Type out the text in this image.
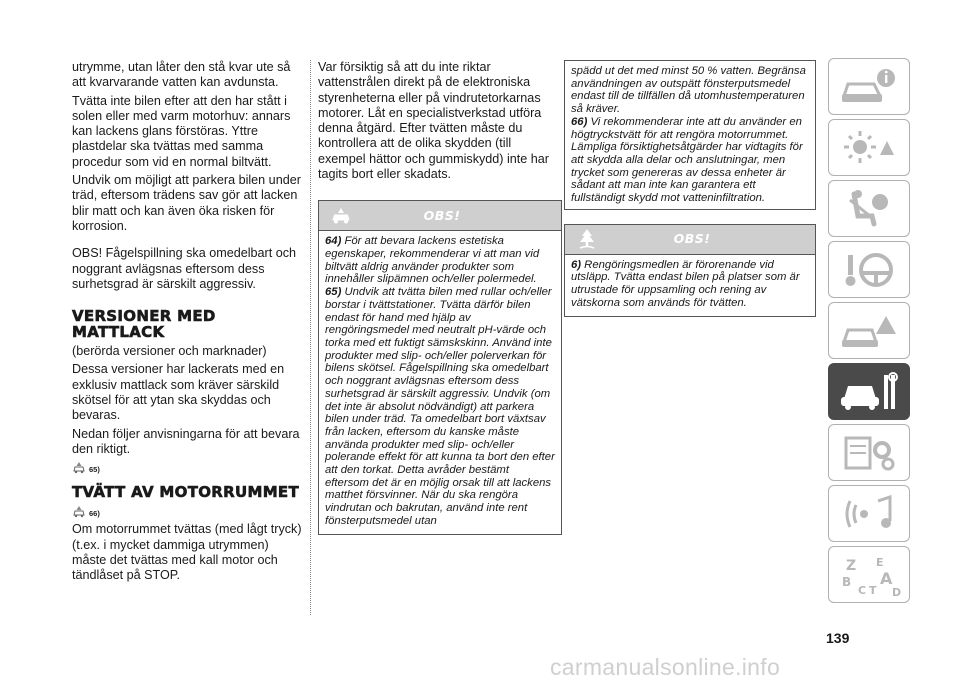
utrymme, utan låter den stå kvar ute så att kvarvarande vatten kan avdunsta.

Tvätta inte bilen efter att den har stått i solen eller med varm motorhuv: annars kan lackens glans förstöras. Yttre plastdelar ska tvättas med samma procedur som vid en normal biltvätt.

Undvik om möjligt att parkera bilen under träd, eftersom trädens sav gör att lacken blir matt och kan även öka risken för korrosion.

OBS! Fågelspillning ska omedelbart och noggrant avlägsnas eftersom dess surhetsgrad är särskilt aggressiv.

VERSIONER MED MATTLACK

(berörda versioner och marknader)

Dessa versioner har lackerats med en exklusiv mattlack som kräver särskild skötsel för att ytan ska skyddas och bevaras.

Nedan följer anvisningarna för att bevara den riktigt.

65)
TVÄTT AV MOTORRUMMET
66)

Om motorrummet tvättas (med lågt tryck) (t.ex. i mycket dammiga utrymmen) måste det tvättas med kall motor och tändlåset på STOP.

Var försiktig så att du inte riktar vattenstrålen direkt på de elektroniska styrenheterna eller på vindrutetorkarnas motorer. Låt en specialistverkstad utföra denna åtgärd. Efter tvätten måste du kontrollera att de olika skydden (till exempel hättor och gummiskydd) inte har tagits bort eller skadats.

OBS!

64) För att bevara lackens estetiska egenskaper, rekommenderar vi att man vid biltvätt aldrig använder produkter som innehåller slipämnen och/eller polermedel.

65) Undvik att tvätta bilen med rullar och/eller borstar i tvättstationer. Tvätta därför bilen endast för hand med hjälp av rengöringsmedel med neutralt pH-värde och torka med ett fuktigt sämskskinn. Använd inte produkter med slip- och/eller polerverkan för bilens skötsel. Fågelspillning ska omedelbart och noggrant avlägsnas eftersom dess surhetsgrad är särskilt aggressiv. Undvik (om det inte är absolut nödvändigt) att parkera bilen under träd. Ta omedelbart bort växtsav från lacken, eftersom du kanske måste använda produkter med slip- och/eller polerande effekt för att kunna ta bort den efter att den torkat. Detta avråder bestämt eftersom det är en möjlig orsak till att lackens matthet försvinner. När du ska rengöra vindrutan och bakrutan, använd inte rent fönsterputsmedel utan

spädd ut det med minst 50 % vatten. Begränsa användningen av outspätt fönsterputsmedel endast till de tillfällen då utomhustemperaturen så kräver.

66) Vi rekommenderar inte att du använder en högtryckstvätt för att rengöra motorrummet. Lämpliga försiktighetsåtgärder har vidtagits för att skydda alla delar och anslutningar, men trycket som genereras av dessa enheter är sådant att man inte kan garantera ett fullständigt skydd mot vatteninfiltration.

OBS!

6) Rengöringsmedlen är förorenande vid utsläpp. Tvätta endast bilen på platser som är utrustade för uppsamling och rening av vätskorna som används för tvätten.

Z E
A
B
C T D
139
carmanualsonline.info
